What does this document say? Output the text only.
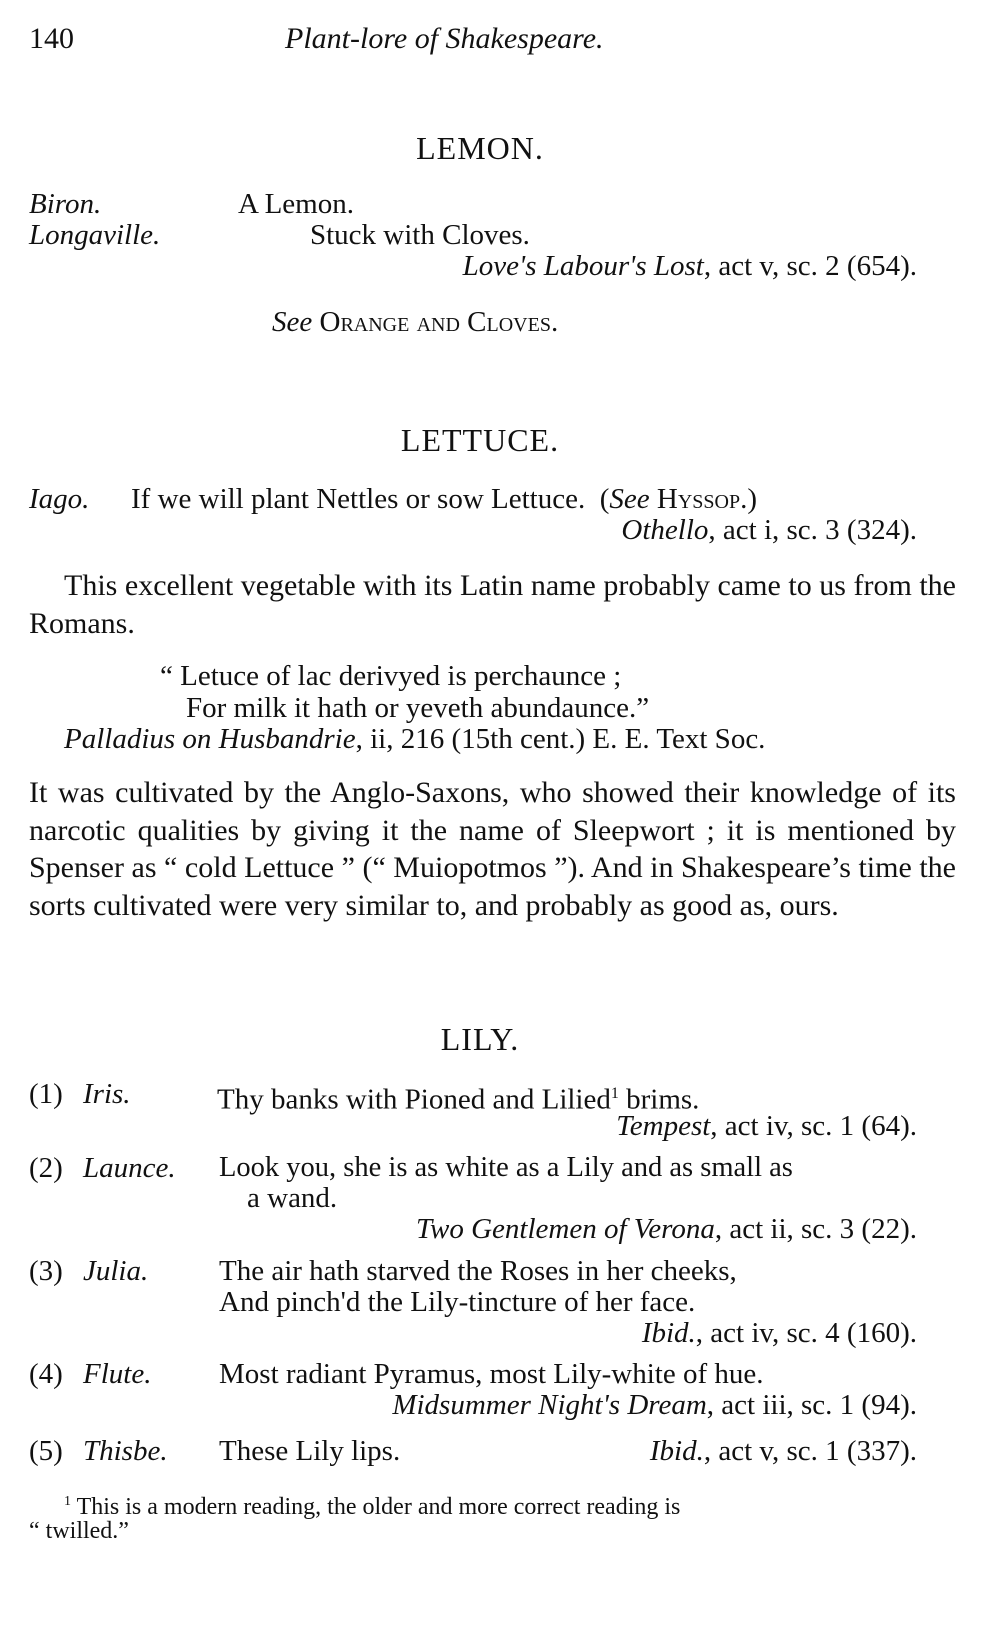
140	Plant-lore of Shakespeare.
LEMON.
Biron.	A Lemon.
Longaville.	Stuck with Cloves.
Love's Labour's Lost, act v, sc. 2 (654).
See Orange and Cloves.
LETTUCE.
Iago. If we will plant Nettles or sow Lettuce. (See Hyssop.)
Othello, act i, sc. 3 (324).
This excellent vegetable with its Latin name probably came to us from the Romans.
“ Letuce of lac derivyed is perchaunce ;
For milk it hath or yeveth abundaunce.”
Palladius on Husbandrie, ii, 216 (15th cent.) E. E. Text Soc.
It was cultivated by the Anglo-Saxons, who showed their knowledge of its narcotic qualities by giving it the name of Sleepwort ; it is mentioned by Spenser as “ cold Lettuce ” (“ Muiopotmos ”). And in Shakespeare’s time the sorts cultivated were very similar to, and probably as good as, ours.
LILY.
(1) Iris.	Thy banks with Pioned and Lilied$^1$ brims.
Tempest, act iv, sc. 1 (64).
(2) Launce. Look you, she is as white as a Lily and as small as
a wand.
Two Gentlemen of Verona, act ii, sc. 3 (22).
(3) Julia. The air hath starved the Roses in her cheeks,
And pinch'd the Lily-tincture of her face.
Ibid., act iv, sc. 4 (160).
(4) Flute. Most radiant Pyramus, most Lily-white of hue.
Midsummer Night's Dream, act iii, sc. 1 (94).
(5) Thisbe. These Lily lips.	Ibid., act v, sc. 1 (337).
$^1$ This is a modern reading, the older and more correct reading is
“ twilled.”
